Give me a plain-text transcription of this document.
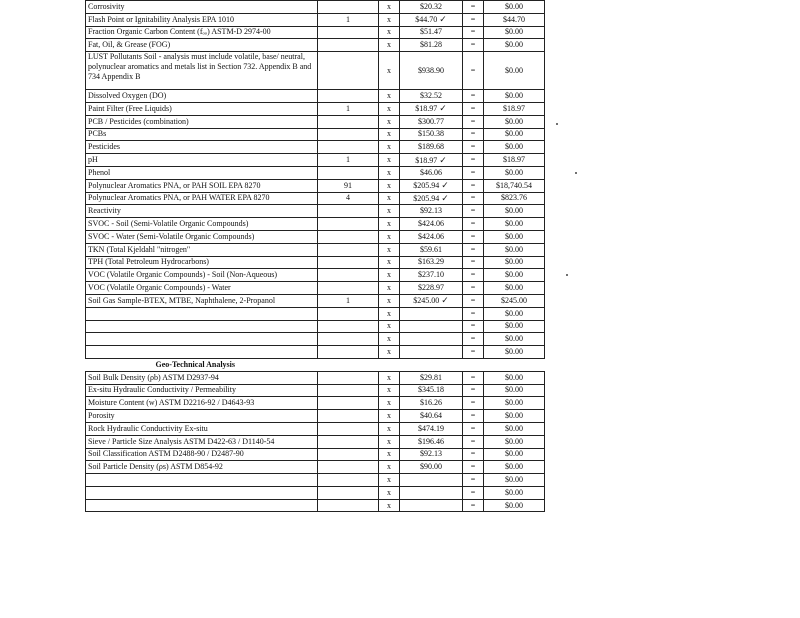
Corrosivity		x	$20.32	=	$0.00
Flash Point or Ignitability Analysis EPA 1010	1	x	$44.70 ✓	=	$44.70
Fraction Organic Carbon Content (fₒₒ) ASTM-D 2974-00		x	$51.47	=	$0.00
Fat, Oil, & Grease (FOG)		x	$81.28	=	$0.00
LUST Pollutants Soil - analysis must include volatile, base/ neutral, polynuclear aromatics and metals list in Section 732. Appendix B and 734 Appendix B		x	$938.90	=	$0.00
Dissolved Oxygen (DO)		x	$32.52	=	$0.00
Paint Filter (Free Liquids)	1	x	$18.97 ✓	=	$18.97
PCB / Pesticides (combination)		x	$300.77	=	$0.00
PCBs		x	$150.38	=	$0.00
Pesticides		x	$189.68	=	$0.00
pH	1	x	$18.97 ✓	=	$18.97
Phenol		x	$46.06	=	$0.00
Polynuclear Aromatics PNA, or PAH SOIL EPA 8270	91	x	$205.94 ✓	=	$18,740.54
Polynuclear Aromatics PNA, or PAH WATER EPA 8270	4	x	$205.94 ✓	=	$823.76
Reactivity		x	$92.13	=	$0.00
SVOC - Soil (Semi-Volatile Organic Compounds)		x	$424.06	=	$0.00
SVOC - Water (Semi-Volatile Organic Compounds)		x	$424.06	=	$0.00
TKN (Total Kjeldahl "nitrogen"		x	$59.61	=	$0.00
TPH (Total Petroleum Hydrocarbons)		x	$163.29	=	$0.00
VOC (Volatile Organic Compounds) - Soil (Non-Aqueous)		x	$237.10	=	$0.00
VOC (Volatile Organic Compounds) - Water		x	$228.97	=	$0.00
Soil Gas Sample-BTEX, MTBE, Naphthalene, 2-Propanol	1	x	$245.00 ✓	=	$245.00
		x		=	$0.00
		x		=	$0.00
		x		=	$0.00
		x		=	$0.00
Geo-Technical Analysis					
Soil Bulk Density (ρb) ASTM D2937-94		x	$29.81	=	$0.00
Ex-situ Hydraulic Conductivity / Permeability		x	$345.18	=	$0.00
Moisture Content (w) ASTM D2216-92 / D4643-93		x	$16.26	=	$0.00
Porosity		x	$40.64	=	$0.00
Rock Hydraulic Conductivity Ex-situ		x	$474.19	=	$0.00
Sieve / Particle Size Analysis ASTM D422-63 / D1140-54		x	$196.46	=	$0.00
Soil Classification ASTM D2488-90 / D2487-90		x	$92.13	=	$0.00
Soil Particle Density (ρs) ASTM D854-92		x	$90.00	=	$0.00
		x		=	$0.00
		x		=	$0.00
		x		=	$0.00
